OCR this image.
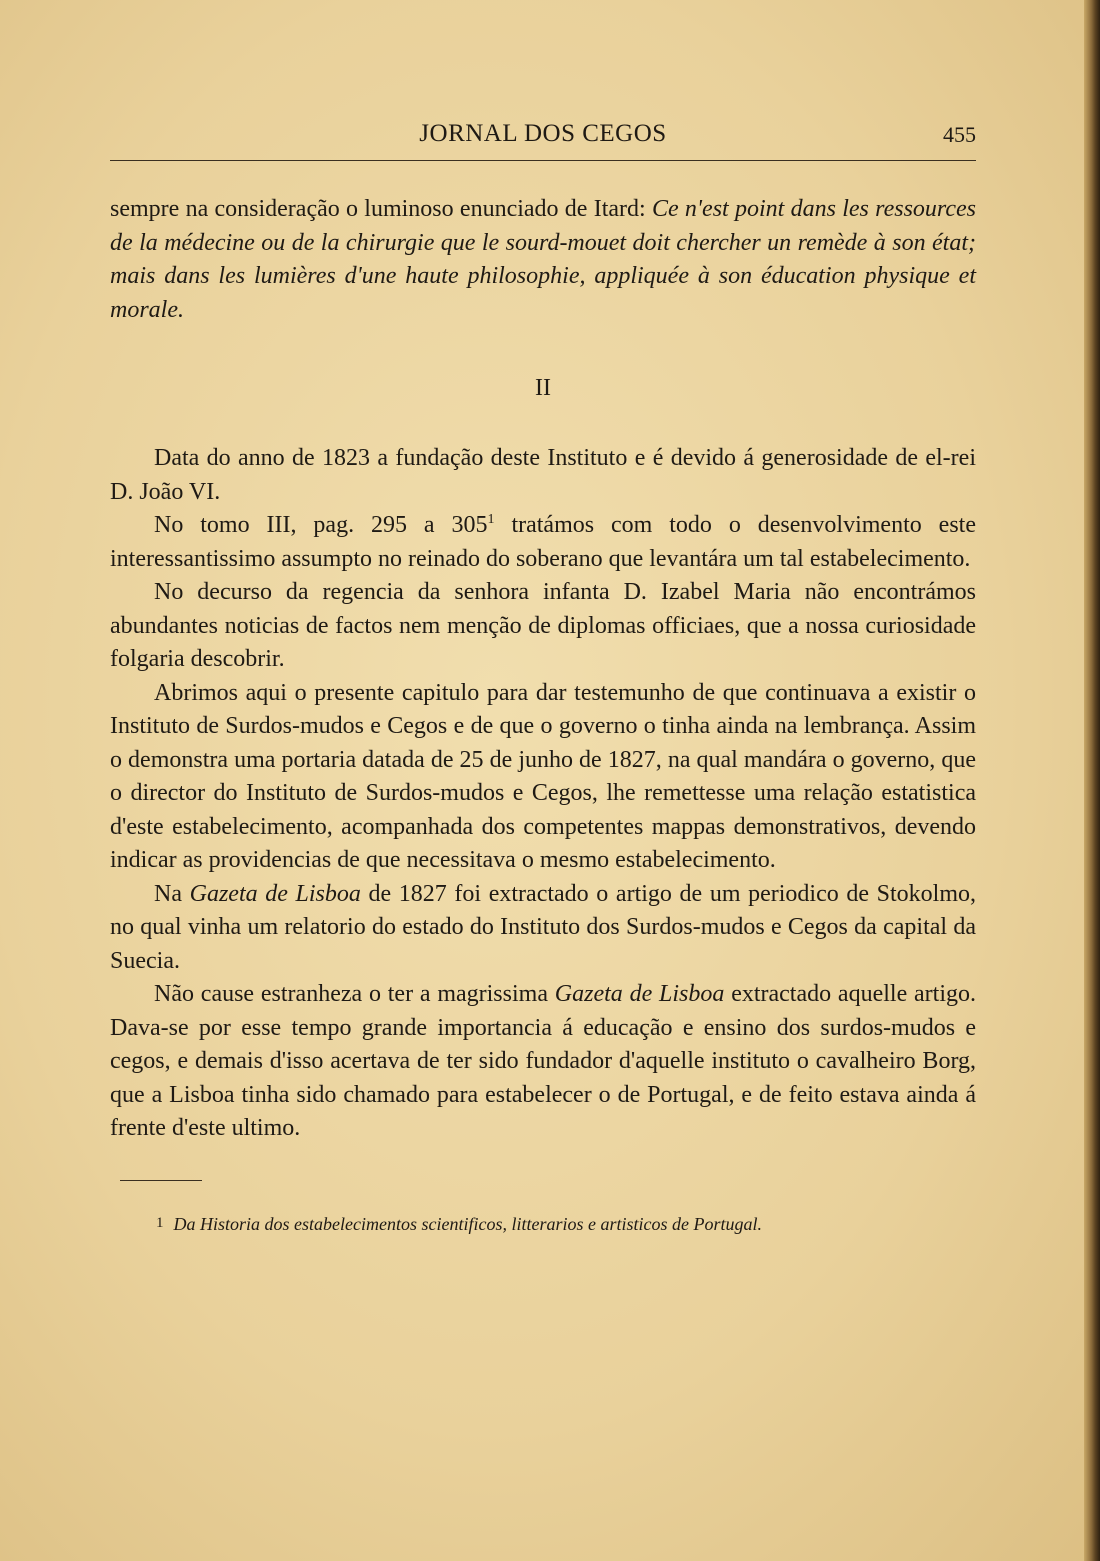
JORNAL DOS CEGOS	455

sempre na consideração o luminoso enunciado de Itard: Ce n'est point dans les ressources de la médecine ou de la chirurgie que le sourd-mouet doit chercher un remède à son état; mais dans les lumières d'une haute philosophie, appliquée à son éducation physique et morale.

II

Data do anno de 1823 a fundação deste Instituto e é devido á generosidade de el-rei D. João VI.

No tomo III, pag. 295 a $305^1$ tratámos com todo o desenvolvimento este interessantissimo assumpto no reinado do soberano que levantára um tal estabelecimento.

No decurso da regencia da senhora infanta D. Izabel Maria não encontrámos abundantes noticias de factos nem menção de diplomas officiaes, que a nossa curiosidade folgaria descobrir.

Abrimos aqui o presente capitulo para dar testemunho de que continuava a existir o Instituto de Surdos-mudos e Cegos e de que o governo o tinha ainda na lembrança. Assim o demonstra uma portaria datada de 25 de junho de 1827, na qual mandára o governo, que o director do Instituto de Surdos-mudos e Cegos, lhe remettesse uma relação estatistica d'este estabelecimento, acompanhada dos competentes mappas demonstrativos, devendo indicar as providencias de que necessitava o mesmo estabelecimento.

Na Gazeta de Lisboa de 1827 foi extractado o artigo de um periodico de Stokolmo, no qual vinha um relatorio do estado do Instituto dos Surdos-mudos e Cegos da capital da Suecia.

Não cause estranheza o ter a magrissima Gazeta de Lisboa extractado aquelle artigo. Dava-se por esse tempo grande importancia á educação e ensino dos surdos-mudos e cegos, e demais d'isso acertava de ter sido fundador d'aquelle instituto o cavalheiro Borg, que a Lisboa tinha sido chamado para estabelecer o de Portugal, e de feito estava ainda á frente d'este ultimo.

1 Da Historia dos estabelecimentos scientificos, litterarios e artisticos de Portugal.
